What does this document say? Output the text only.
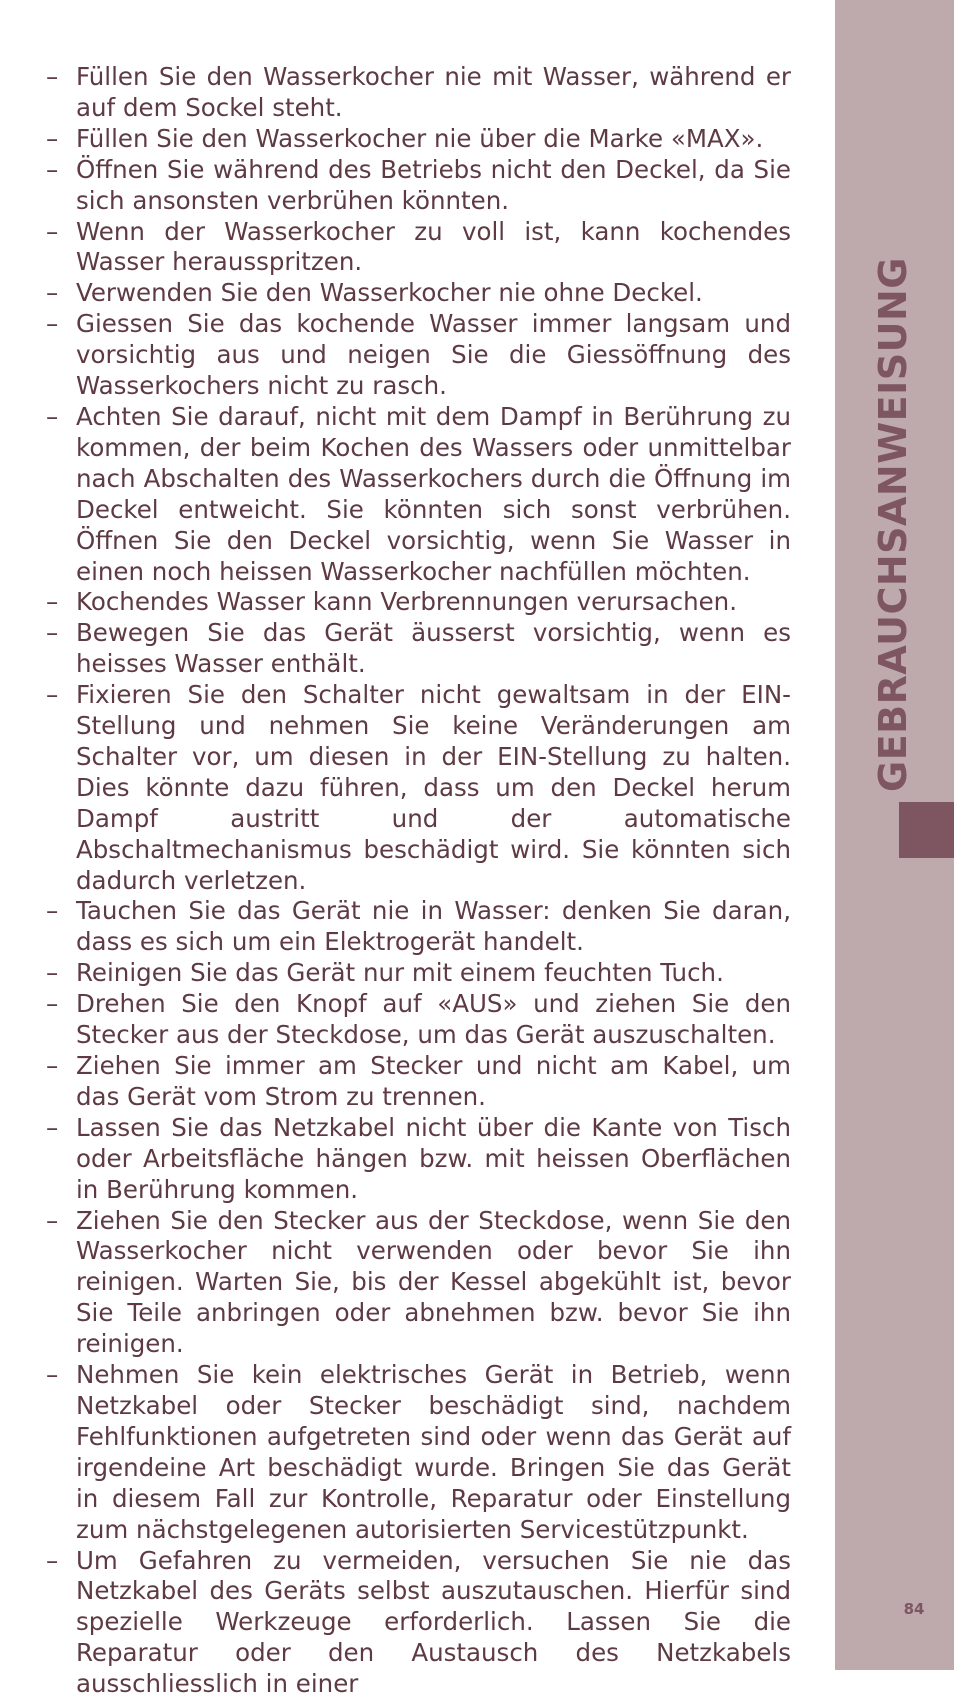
– Füllen Sie den Wasserkocher nie mit Wasser, während er auf dem Sockel steht.
– Füllen Sie den Wasserkocher nie über die Marke «MAX».
– Öffnen Sie während des Betriebs nicht den Deckel, da Sie sich ansonsten verbrühen könnten.
– Wenn der Wasserkocher zu voll ist, kann kochendes Wasser herausspritzen.
– Verwenden Sie den Wasserkocher nie ohne Deckel.
– Giessen Sie das kochende Wasser immer langsam und vorsichtig aus und neigen Sie die Giessöffnung des Wasserkochers nicht zu rasch.
– Achten Sie darauf, nicht mit dem Dampf in Berührung zu kommen, der beim Kochen des Wassers oder unmittelbar nach Abschalten des Wasserkochers durch die Öffnung im Deckel entweicht. Sie könnten sich sonst verbrühen. Öffnen Sie den Deckel vorsichtig, wenn Sie Wasser in einen noch heissen Wasserkocher nachfüllen möchten.
– Kochendes Wasser kann Verbrennungen verursachen.
– Bewegen Sie das Gerät äusserst vorsichtig, wenn es heisses Wasser enthält.
– Fixieren Sie den Schalter nicht gewaltsam in der EIN-Stellung und nehmen Sie keine Veränderungen am Schalter vor, um diesen in der EIN-Stellung zu halten. Dies könnte dazu führen, dass um den Deckel herum Dampf austritt und der automatische Abschaltmechanismus beschädigt wird. Sie könnten sich dadurch verletzen.
– Tauchen Sie das Gerät nie in Wasser: denken Sie daran, dass es sich um ein Elektrogerät handelt.
– Reinigen Sie das Gerät nur mit einem feuchten Tuch.
– Drehen Sie den Knopf auf «AUS» und ziehen Sie den Stecker aus der Steckdose, um das Gerät auszuschalten.
– Ziehen Sie immer am Stecker und nicht am Kabel, um das Gerät vom Strom zu trennen.
– Lassen Sie das Netzkabel nicht über die Kante von Tisch oder Arbeitsfläche hängen bzw. mit heissen Oberflächen in Berührung kommen.
– Ziehen Sie den Stecker aus der Steckdose, wenn Sie den Wasserkocher nicht verwenden oder bevor Sie ihn reinigen. Warten Sie, bis der Kessel abgekühlt ist, bevor Sie Teile anbringen oder abnehmen bzw. bevor Sie ihn reinigen.
– Nehmen Sie kein elektrisches Gerät in Betrieb, wenn Netzkabel oder Stecker beschädigt sind, nachdem Fehlfunktionen aufgetreten sind oder wenn das Gerät auf irgendeine Art beschädigt wurde. Bringen Sie das Gerät in diesem Fall zur Kontrolle, Reparatur oder Einstellung zum nächstgelegenen autorisierten Servicestützpunkt.
– Um Gefahren zu vermeiden, versuchen Sie nie das Netzkabel des Geräts selbst auszutauschen. Hierfür sind spezielle Werkzeuge erforderlich. Lassen Sie die Reparatur oder den Austausch des Netzkabels ausschliesslich in einer
GEBRAUCHSANWEISUNG
84
